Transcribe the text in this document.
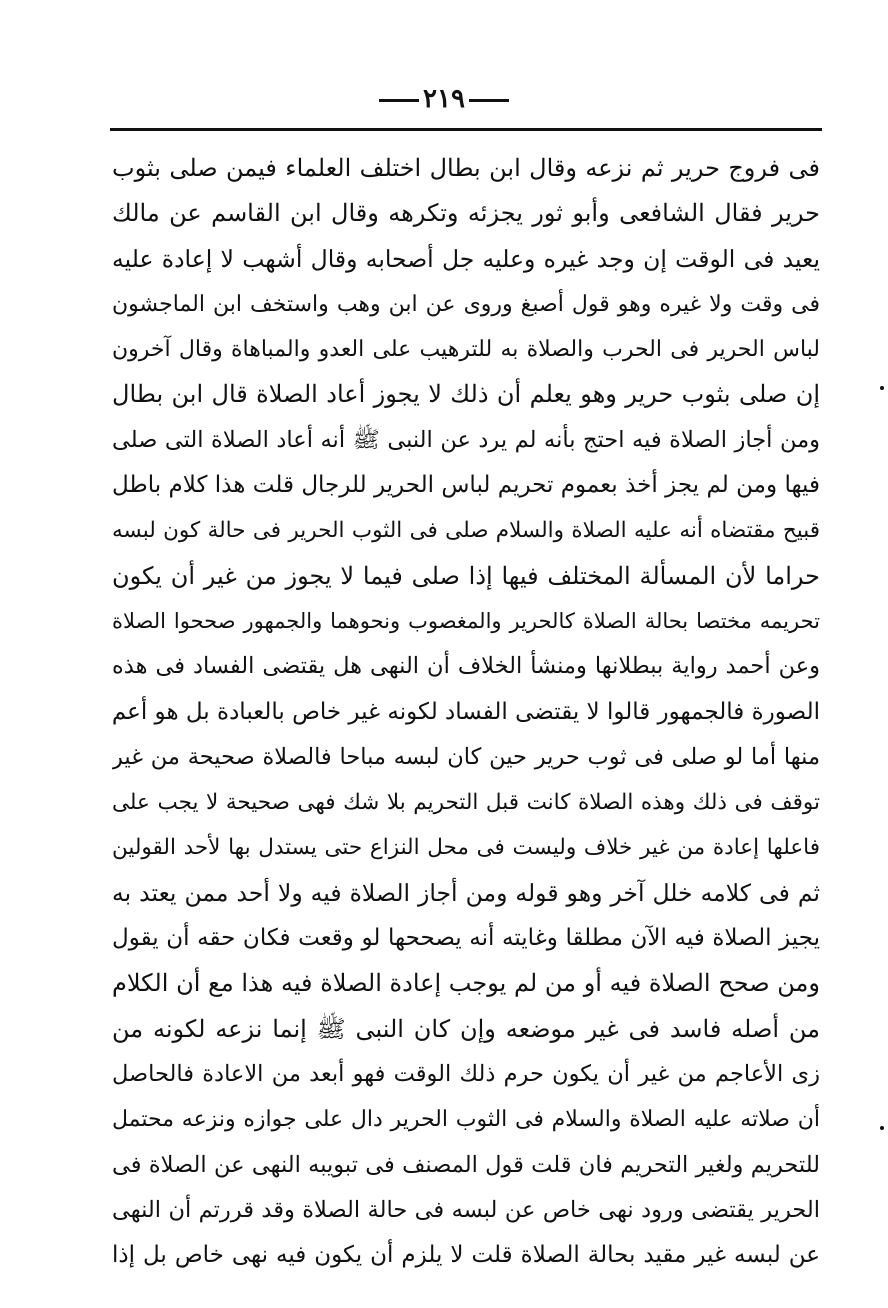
٢١٩
فى فروج حرير ثم نزعه وقال ابن بطال اختلف العلماء فيمن صلى بثوب
حرير فقال الشافعى وأبو ثور يجزئه وتكرهه وقال ابن القاسم عن مالك
يعيد فى الوقت إن وجد غيره وعليه جل أصحابه وقال أشهب لا إعادة عليه
فى وقت ولا غيره وهو قول أصبغ وروى عن ابن وهب واستخف ابن الماجشون
لباس الحرير فى الحرب والصلاة به للترهيب على العدو والمباهاة وقال آخرون
إن صلى بثوب حرير وهو يعلم أن ذلك لا يجوز أعاد الصلاة قال ابن بطال
ومن أجاز الصلاة فيه احتج بأنه لم يرد عن النبى ﷺ أنه أعاد الصلاة التى صلى
فيها ومن لم يجز أخذ بعموم تحريم لباس الحرير للرجال قلت هذا كلام باطل
قبيح مقتضاه أنه عليه الصلاة والسلام صلى فى الثوب الحرير فى حالة كون لبسه
حراما لأن المسألة المختلف فيها إذا صلى فيما لا يجوز من غير أن يكون
تحريمه مختصا بحالة الصلاة كالحرير والمغصوب ونحوهما والجمهور صححوا الصلاة
وعن أحمد رواية ببطلانها ومنشأ الخلاف أن النهى هل يقتضى الفساد فى هذه
الصورة فالجمهور قالوا لا يقتضى الفساد لكونه غير خاص بالعبادة بل هو أعم
منها أما لو صلى فى ثوب حرير حين كان لبسه مباحا فالصلاة صحيحة من غير
توقف فى ذلك وهذه الصلاة كانت قبل التحريم بلا شك فهى صحيحة لا يجب على
فاعلها إعادة من غير خلاف وليست فى محل النزاع حتى يستدل بها لأحد القولين
ثم فى كلامه خلل آخر وهو قوله ومن أجاز الصلاة فيه ولا أحد ممن يعتد به
يجيز الصلاة فيه الآن مطلقا وغايته أنه يصححها لو وقعت فكان حقه أن يقول
ومن صحح الصلاة فيه أو من لم يوجب إعادة الصلاة فيه هذا مع أن الكلام
من أصله فاسد فى غير موضعه وإن كان النبى ﷺ إنما نزعه لكونه من
زى الأعاجم من غير أن يكون حرم ذلك الوقت فهو أبعد من الاعادة فالحاصل
أن صلاته عليه الصلاة والسلام فى الثوب الحرير دال على جوازه ونزعه محتمل
للتحريم ولغير التحريم فان قلت قول المصنف فى تبويبه النهى عن الصلاة فى
الحرير يقتضى ورود نهى خاص عن لبسه فى حالة الصلاة وقد قررتم أن النهى
عن لبسه غير مقيد بحالة الصلاة قلت لا يلزم أن يكون فيه نهى خاص بل إذا
